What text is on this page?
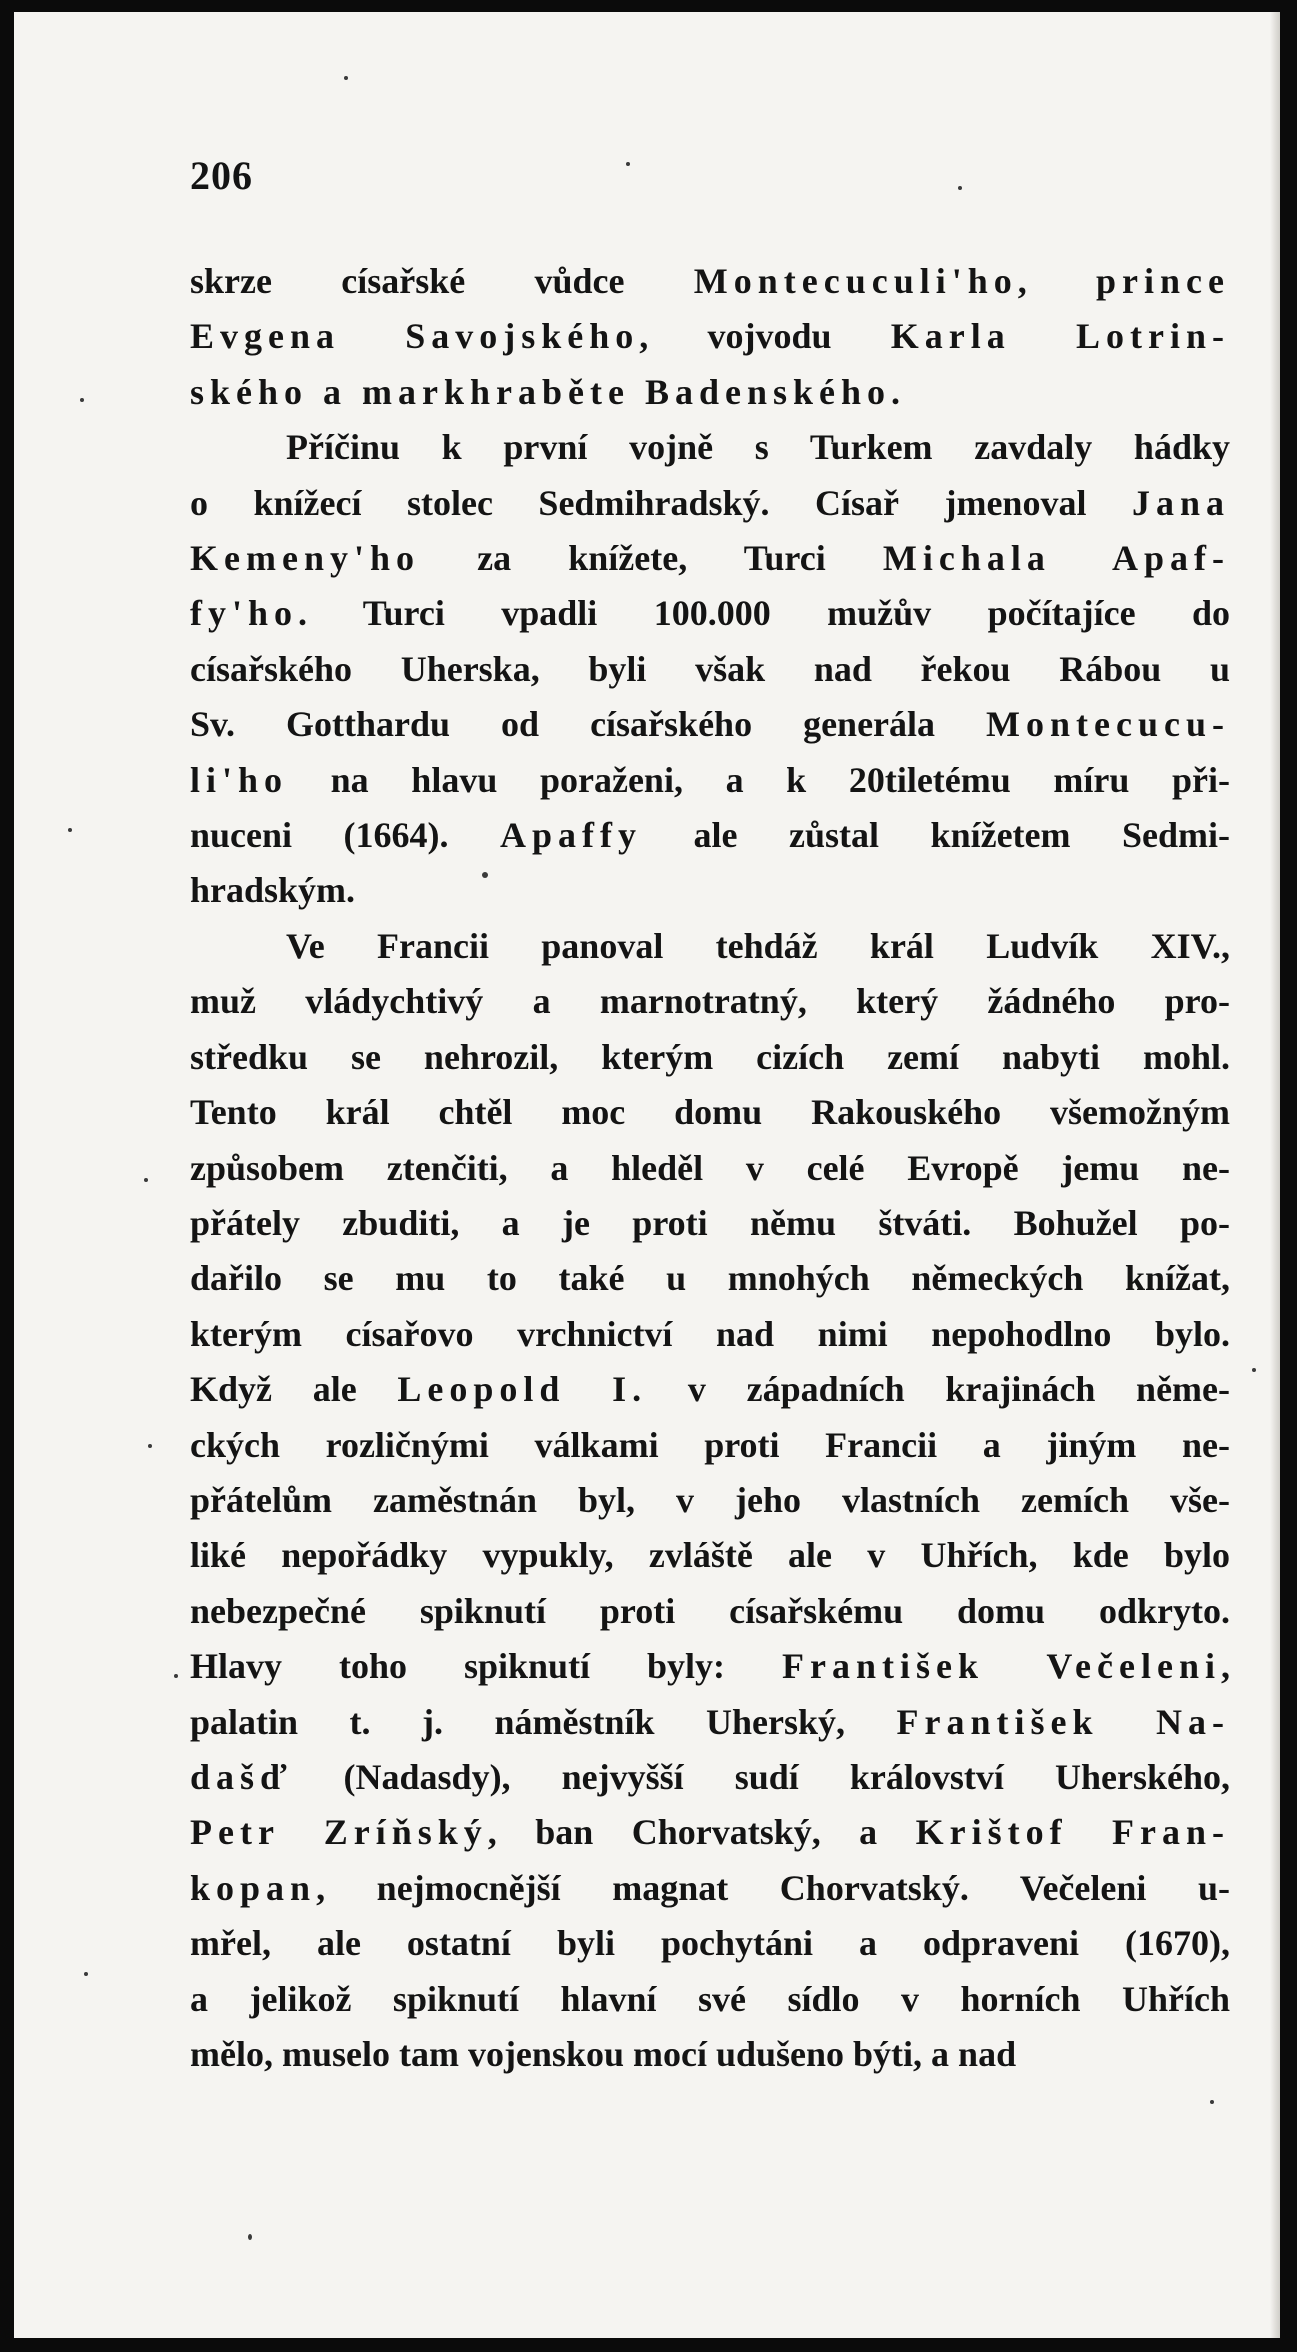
206
skrze císařské vůdce Montecuculi'ho, prince
Evgena Savojského, vojvodu Karla Lotrin-
ského a markhraběte Badenského.
Příčinu k první vojně s Turkem zavdaly hádky
o knížecí stolec Sedmihradský. Císař jmenoval Jana
Kemeny'ho za knížete, Turci Michala Apaf-
fy'ho. Turci vpadli 100.000 mužův počítajíce do
císařského Uherska, byli však nad řekou Rábou u
Sv. Gotthardu od císařského generála Montecucu-
li'ho na hlavu poraženi, a k 20tiletému míru při-
nuceni (1664). Apaffy ale zůstal knížetem Sedmi-
hradským.
Ve Francii panoval tehdáž král Ludvík XIV.,
muž vládychtivý a marnotratný, který žádného pro-
středku se nehrozil, kterým cizích zemí nabyti mohl.
Tento král chtěl moc domu Rakouského všemožným
způsobem ztenčiti, a hleděl v celé Evropě jemu ne-
přátely zbuditi, a je proti němu štváti. Bohužel po-
dařilo se mu to také u mnohých německých knížat,
kterým císařovo vrchnictví nad nimi nepohodlno bylo.
Když ale Leopold I. v západních krajinách něme-
ckých rozličnými válkami proti Francii a jiným ne-
přátelům zaměstnán byl, v jeho vlastních zemích vše-
liké nepořádky vypukly, zvláště ale v Uhřích, kde bylo
nebezpečné spiknutí proti císařskému domu odkryto.
Hlavy toho spiknutí byly: František Večeleni,
palatin t. j. náměstník Uherský, František Na-
dašď (Nadasdy), nejvyšší sudí království Uherského,
Petr Zríňský, ban Chorvatský, a Krištof Fran-
kopan, nejmocnější magnat Chorvatský. Večeleni u-
mřel, ale ostatní byli pochytáni a odpraveni (1670),
a jelikož spiknutí hlavní své sídlo v horních Uhřích
mělo, muselo tam vojenskou mocí udušeno býti, a nad
